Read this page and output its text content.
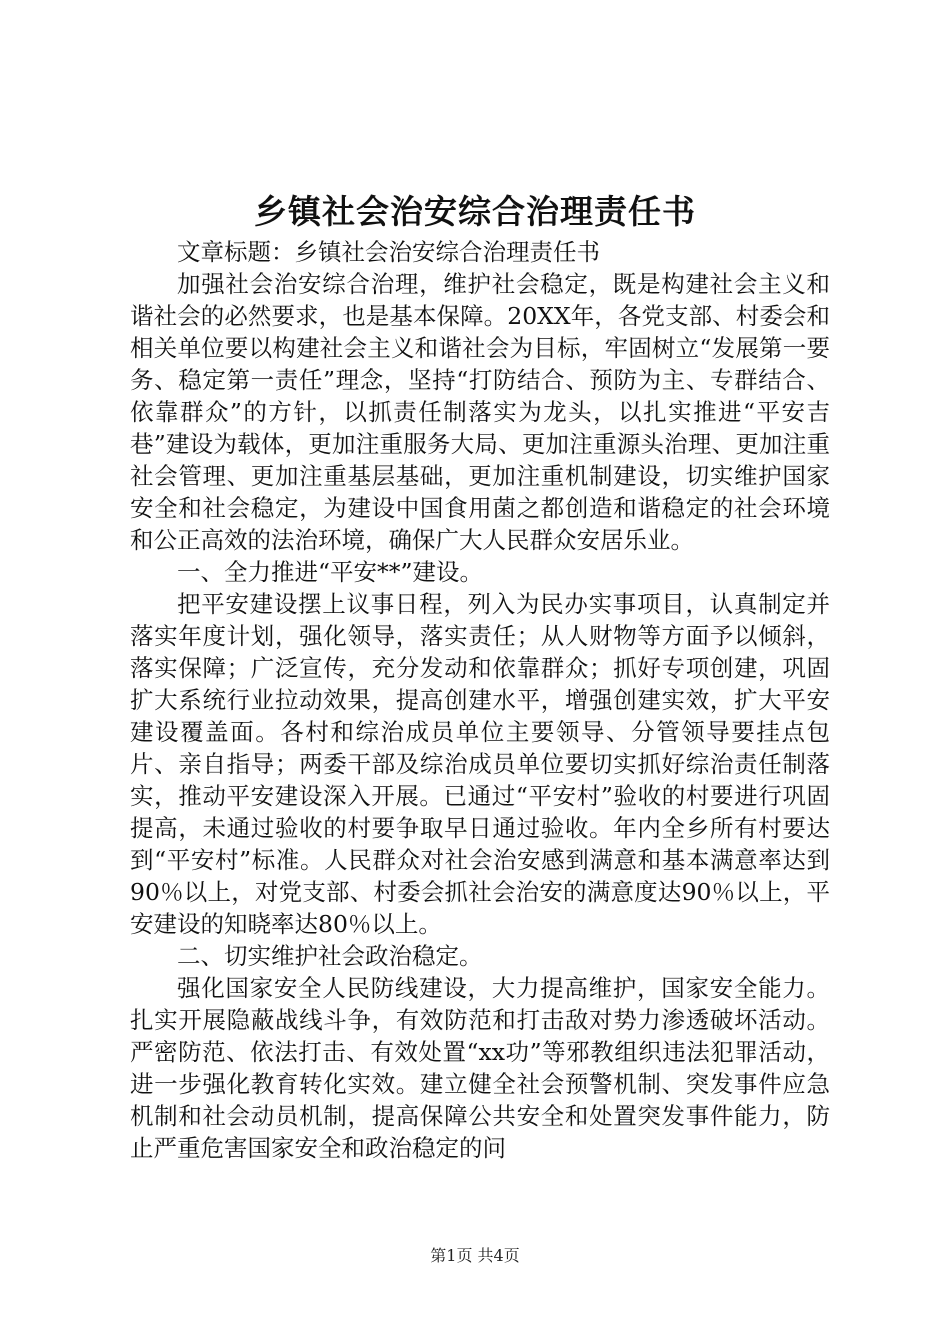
乡镇社会治安综合治理责任书

文章标题：乡镇社会治安综合治理责任书

加强社会治安综合治理，维护社会稳定，既是构建社会主义和谐社会的必然要求，也是基本保障。20XX年，各党支部、村委会和相关单位要以构建社会主义和谐社会为目标，牢固树立“发展第一要务、稳定第一责任”理念，坚持“打防结合、预防为主、专群结合、依靠群众”的方针，以抓责任制落实为龙头，以扎实推进“平安吉巷”建设为载体，更加注重服务大局、更加注重源头治理、更加注重社会管理、更加注重基层基础，更加注重机制建设，切实维护国家安全和社会稳定，为建设中国食用菌之都创造和谐稳定的社会环境和公正高效的法治环境，确保广大人民群众安居乐业。

一、全力推进“平安**”建设。

把平安建设摆上议事日程，列入为民办实事项目，认真制定并落实年度计划，强化领导，落实责任；从人财物等方面予以倾斜，落实保障；广泛宣传，充分发动和依靠群众；抓好专项创建，巩固扩大系统行业拉动效果，提高创建水平，增强创建实效，扩大平安建设覆盖面。各村和综治成员单位主要领导、分管领导要挂点包片、亲自指导；两委干部及综治成员单位要切实抓好综治责任制落实，推动平安建设深入开展。已通过“平安村”验收的村要进行巩固提高，未通过验收的村要争取早日通过验收。年内全乡所有村要达到“平安村”标准。人民群众对社会治安感到满意和基本满意率达到90％以上，对党支部、村委会抓社会治安的满意度达90％以上，平安建设的知晓率达80％以上。

二、切实维护社会政治稳定。

强化国家安全人民防线建设，大力提高维护，国家安全能力。扎实开展隐蔽战线斗争，有效防范和打击敌对势力渗透破坏活动。严密防范、依法打击、有效处置“xx功”等邪教组织违法犯罪活动，进一步强化教育转化实效。建立健全社会预警机制、突发事件应急机制和社会动员机制，提高保障公共安全和处置突发事件能力，防止严重危害国家安全和政治稳定的问

第1页 共4页
